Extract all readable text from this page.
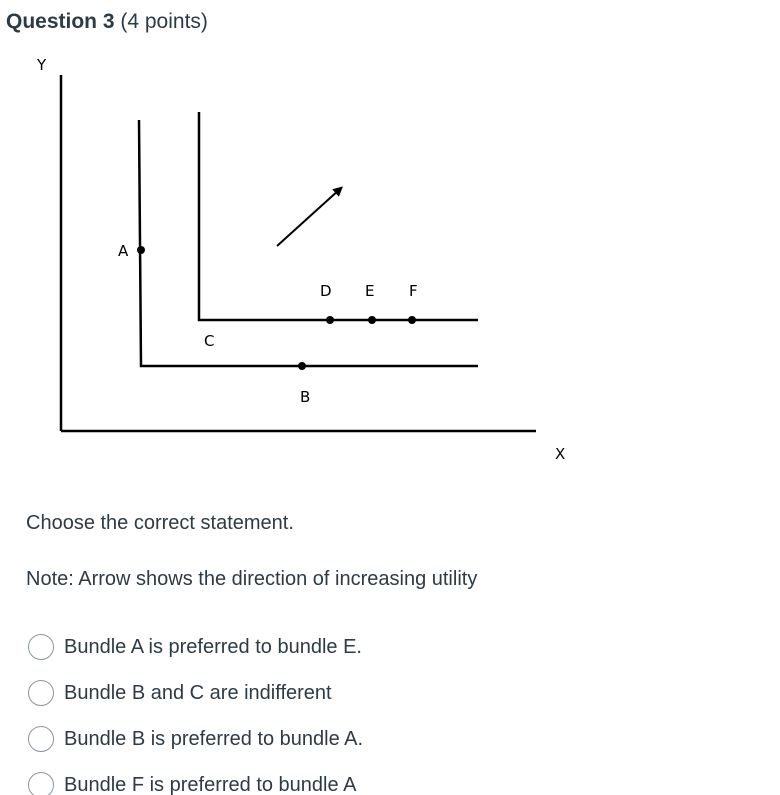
Question 3 (4 points)
Y
X
A
B
C
D E F
Choose the correct statement.
Note: Arrow shows the direction of increasing utility
Bundle A is preferred to bundle E.
Bundle B and C are indifferent
Bundle B is preferred to bundle A.
Bundle F is preferred to bundle A
